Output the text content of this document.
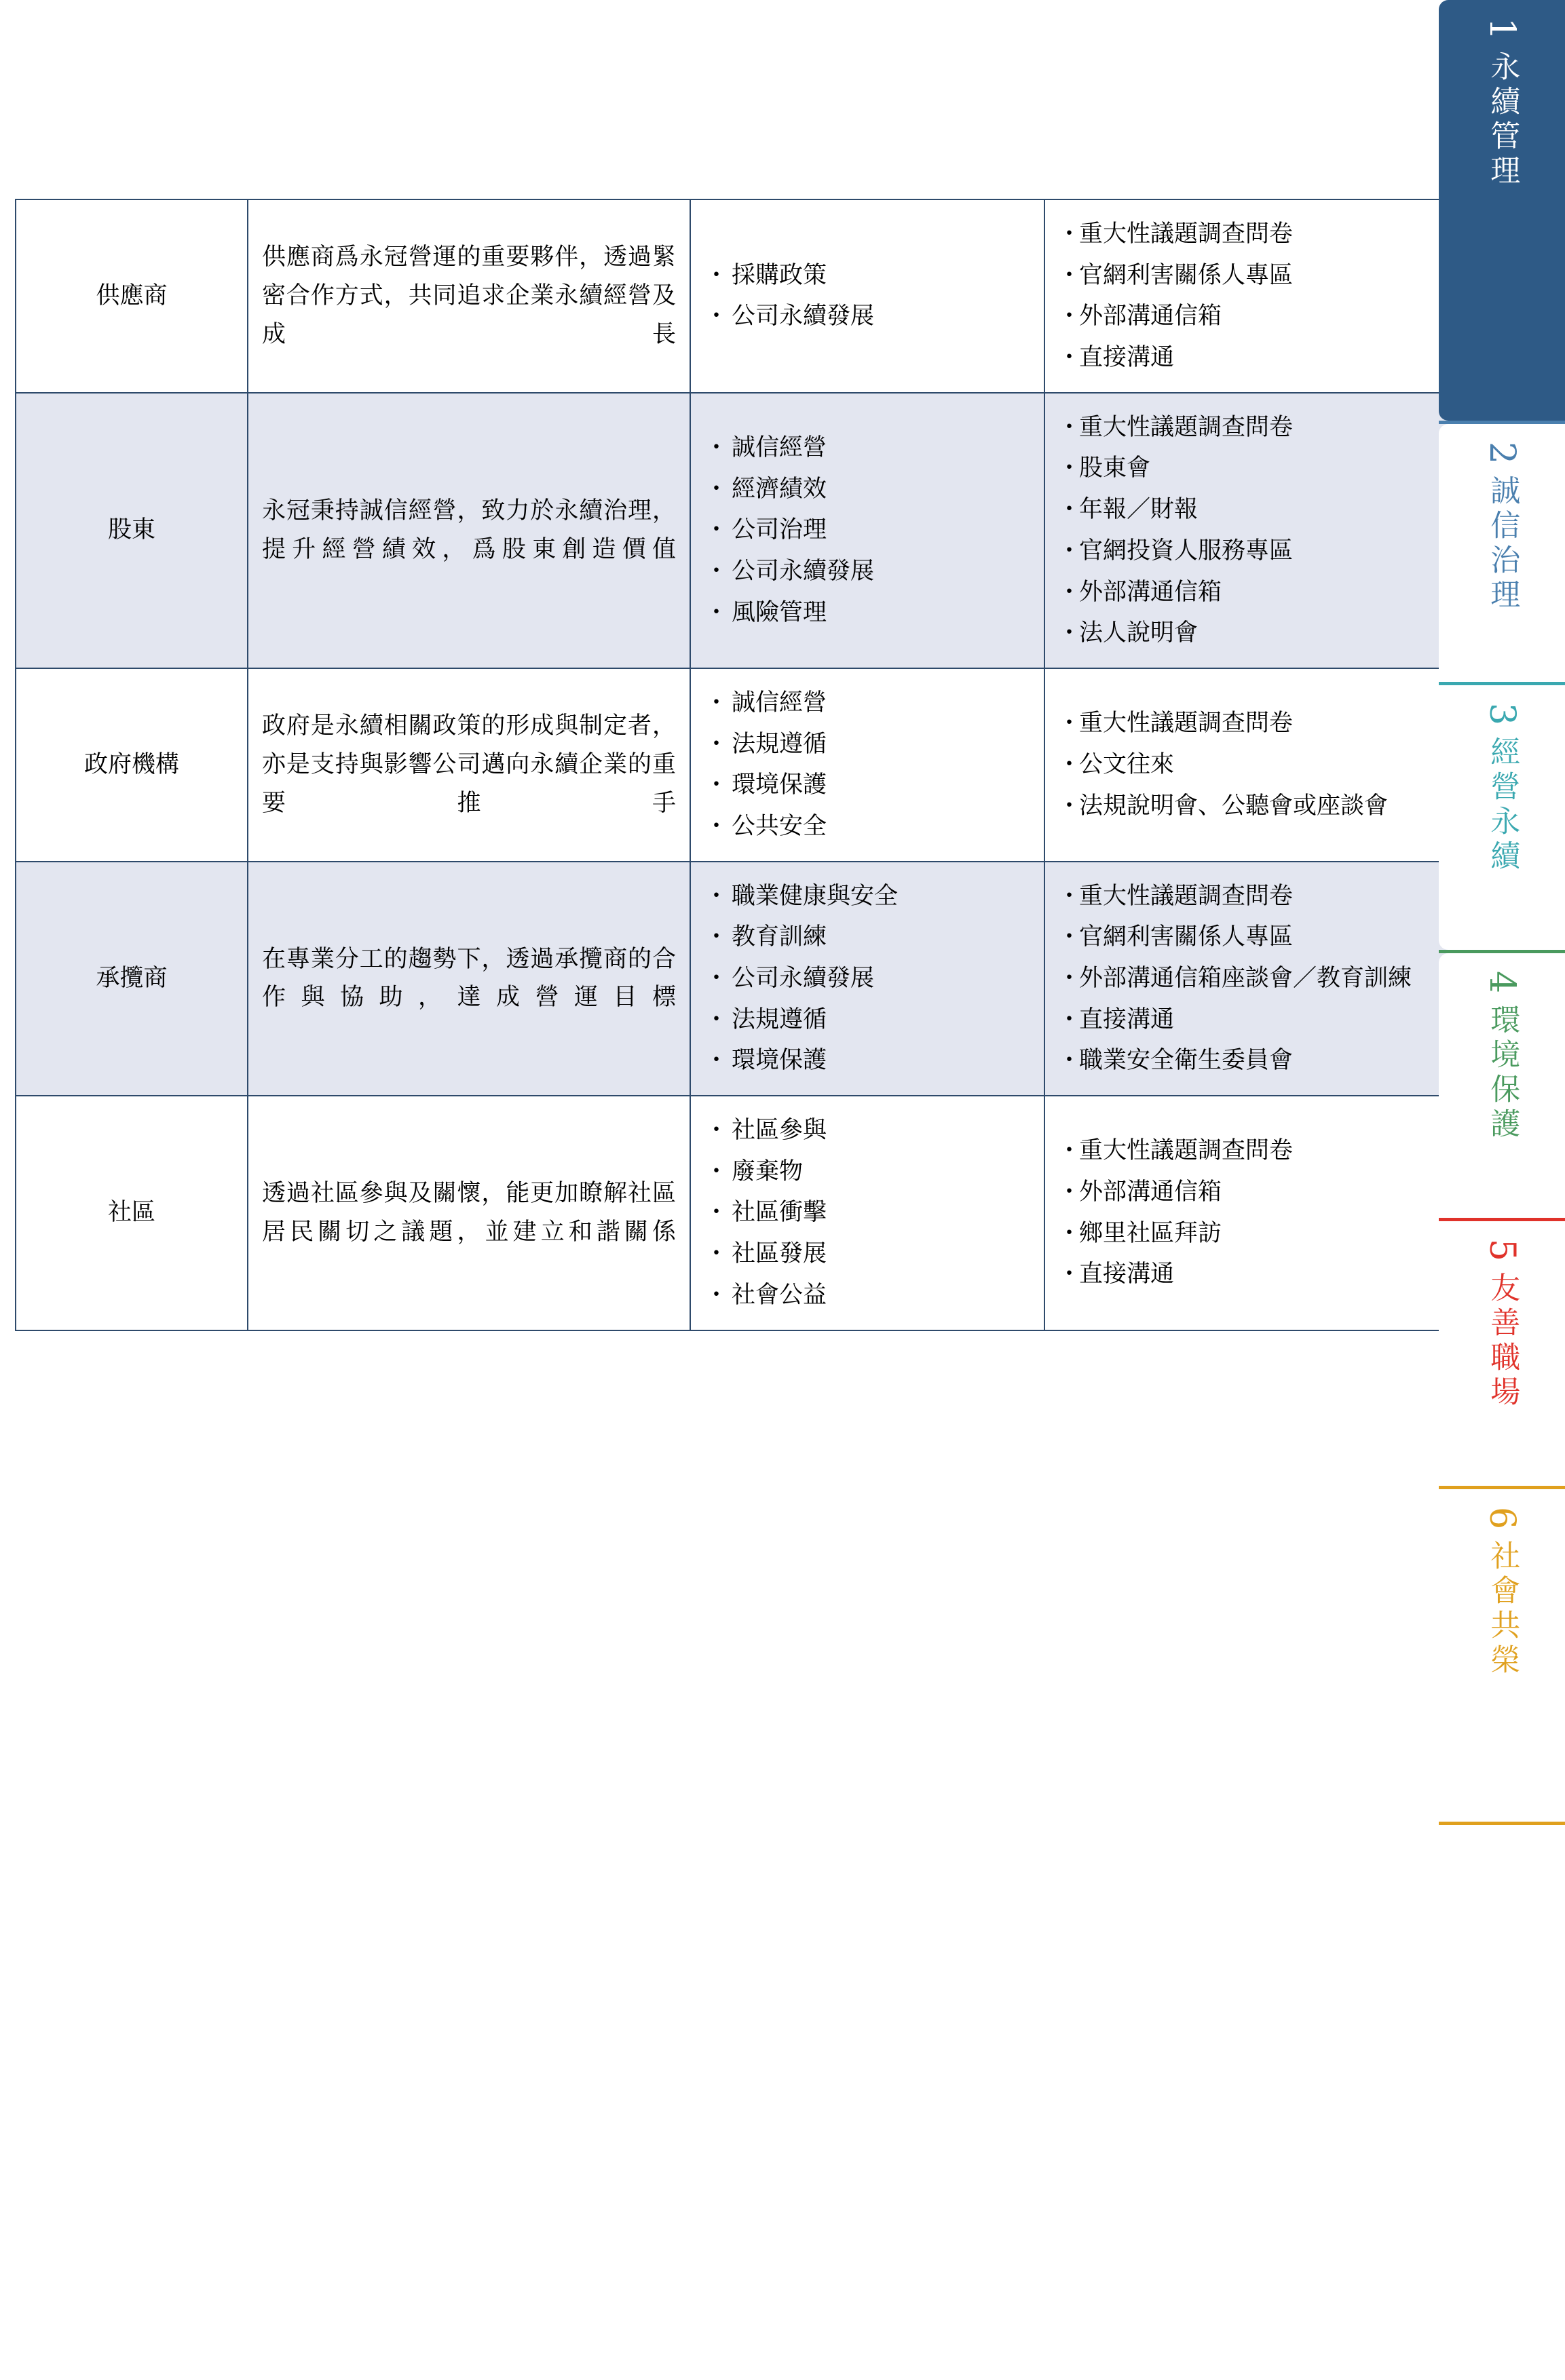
供應商	供應商爲永冠營運的重要夥伴，透過緊密合作方式，共同追求企業永續經營及成長	
・ 採購政策
・ 公司永續發展

・ 重大性議題調查問卷
・ 官網利害關係人專區
・ 外部溝通信箱
・ 直接溝通

股東	永冠秉持誠信經營，致力於永續治理，提升經營績效，爲股東創造價值	
・ 誠信經營
・ 經濟績效
・ 公司治理
・ 公司永續發展
・ 風險管理

・ 重大性議題調查問卷
・ 股東會
・ 年報／財報
・ 官網投資人服務專區
・ 外部溝通信箱
・ 法人說明會

政府機構	政府是永續相關政策的形成與制定者，亦是支持與影響公司邁向永續企業的重要推手	
・ 誠信經營
・ 法規遵循
・ 環境保護
・ 公共安全

・ 重大性議題調查問卷
・ 公文往來
・ 法規說明會、公聽會或座談會

承攬商	在專業分工的趨勢下，透過承攬商的合作與協助，達成營運目標	
・ 職業健康與安全
・ 教育訓練
・ 公司永續發展
・ 法規遵循
・ 環境保護

・ 重大性議題調查問卷
・ 官網利害關係人專區
・ 外部溝通信箱座談會／教育訓練
・ 直接溝通
・ 職業安全衛生委員會

社區	透過社區參與及關懷，能更加瞭解社區居民關切之議題，並建立和諧關係	
・ 社區參與
・ 廢棄物
・ 社區衝擊
・ 社區發展
・ 社會公益

・ 重大性議題調查問卷
・ 外部溝通信箱
・ 鄉里社區拜訪
・ 直接溝通
1
永續管理
2
誠信治理
3
經營永續
4
環境保護
5
友善職場
6
社會共榮
